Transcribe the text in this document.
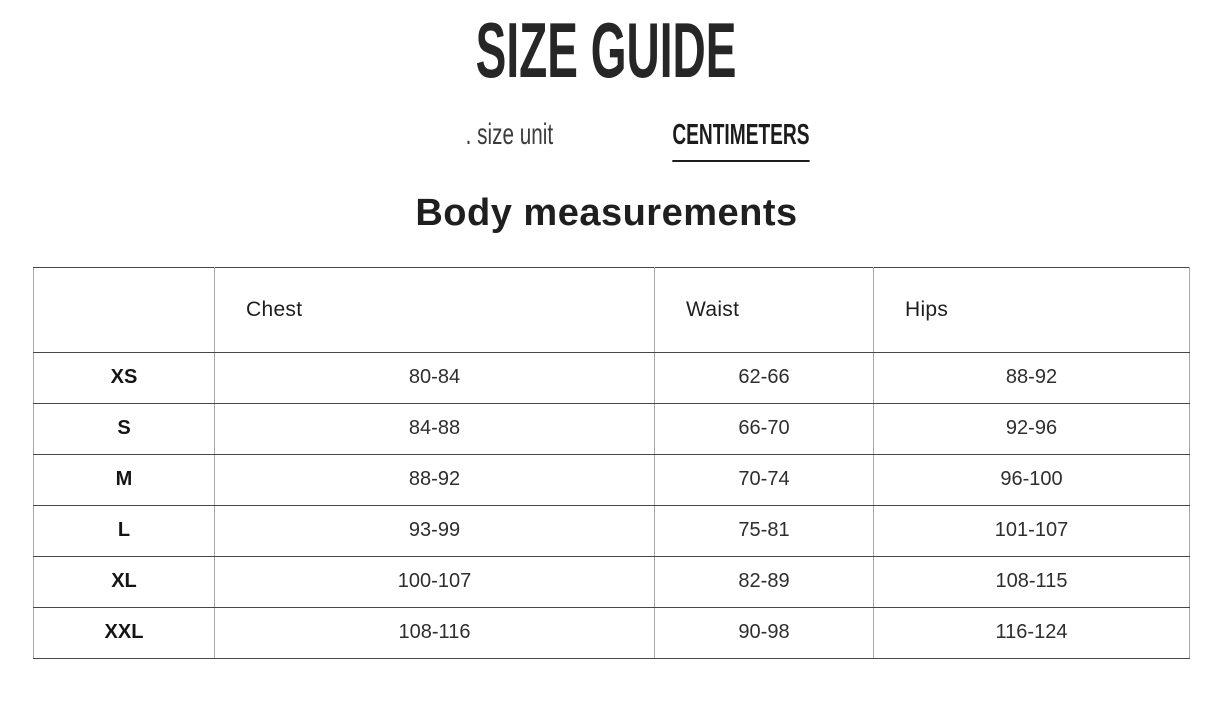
SIZE GUIDE
. size unit	CENTIMETERS
Body measurements
	Chest	Waist	Hips
XS	80-84	62-66	88-92
S	84-88	66-70	92-96
M	88-92	70-74	96-100
L	93-99	75-81	101-107
XL	100-107	82-89	108-115
XXL	108-116	90-98	116-124
